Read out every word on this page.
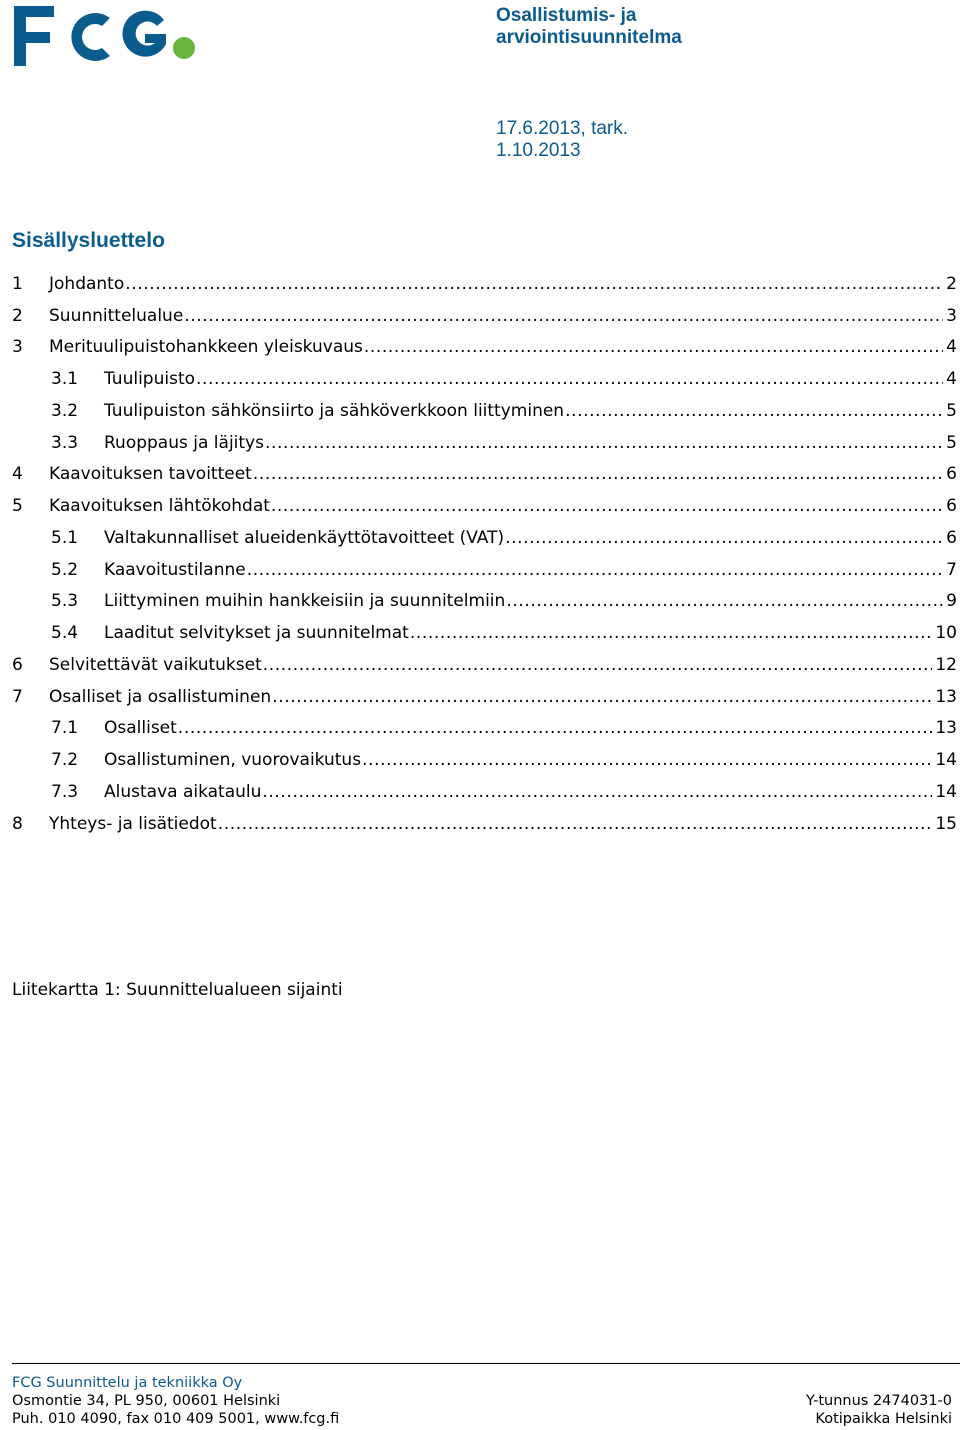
Osallistumis- ja
arviointisuunnitelma
17.6.2013, tark.
1.10.2013
Sisällysluettelo
1	Johdanto .....	2
2	Suunnittelualue .....	3
3	Merituulipuistohankkeen yleiskuvaus .....	4
3.1	Tuulipuisto .....	4
3.2	Tuulipuiston sähkönsiirto ja sähköverkkoon liittyminen .....	5
3.3	Ruoppaus ja läjitys .....	5
4	Kaavoituksen tavoitteet .....	6
5	Kaavoituksen lähtökohdat .....	6
5.1	Valtakunnalliset alueidenkäyttötavoitteet (VAT) .....	6
5.2	Kaavoitustilanne .....	7
5.3	Liittyminen muihin hankkeisiin ja suunnitelmiin .....	9
5.4	Laaditut selvitykset ja suunnitelmat .....	10
6	Selvitettävät vaikutukset .....	12
7	Osalliset ja osallistuminen .....	13
7.1	Osalliset .....	13
7.2	Osallistuminen, vuorovaikutus .....	14
7.3	Alustava aikataulu .....	14
8	Yhteys- ja lisätiedot .....	15
Liitekartta 1: Suunnittelualueen sijainti
FCG Suunnittelu ja tekniikka Oy
Osmontie 34, PL 950, 00601 Helsinki	Y-tunnus 2474031-0
Puh. 010 4090, fax 010 409 5001, www.fcg.fi	Kotipaikka Helsinki
